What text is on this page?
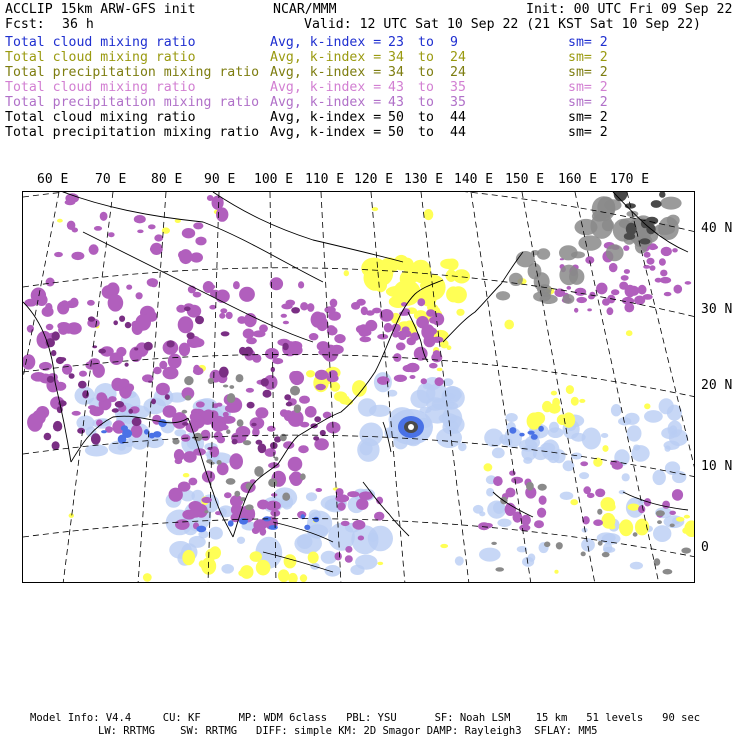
ACCLIP 15km ARW-GFS init	NCAR/MMM	Init: 00 UTC Fri 09 Sep 22
Fcst: 36 h	Valid: 12 UTC Sat 10 Sep 22 (21 KST Sat 10 Sep 22)
Total cloud mixing ratio	Avg, k-index = 23 to 9	sm= 2
Total cloud mixing ratio	Avg, k-index = 34 to 24	sm= 2
Total precipitation mixing ratio Avg, k-index = 34 to 24	sm= 2
Total cloud mixing ratio	Avg, k-index = 43 to 35	sm= 2
Total precipitation mixing ratio Avg, k-index = 43 to 35	sm= 2
Total cloud mixing ratio	Avg, k-index = 50 to 44	sm= 2
Total precipitation mixing ratio Avg, k-index = 50 to 44	sm= 2
60 E 70 E 80 E 90 E 100 E 110 E 120 E 130 E 140 E 150 E 160 E 170 E
40 N
30 N
20 N
10 N
0
Model Info: V4.4     CU: KF      MP: WDM 6class   PBL: YSU      SF: Noah LSM    15 km   51 levels   90 sec
LW: RRTMG    SW: RRTMG   DIFF: simple KM: 2D Smagor DAMP: Rayleigh3  SFLAY: MM5
